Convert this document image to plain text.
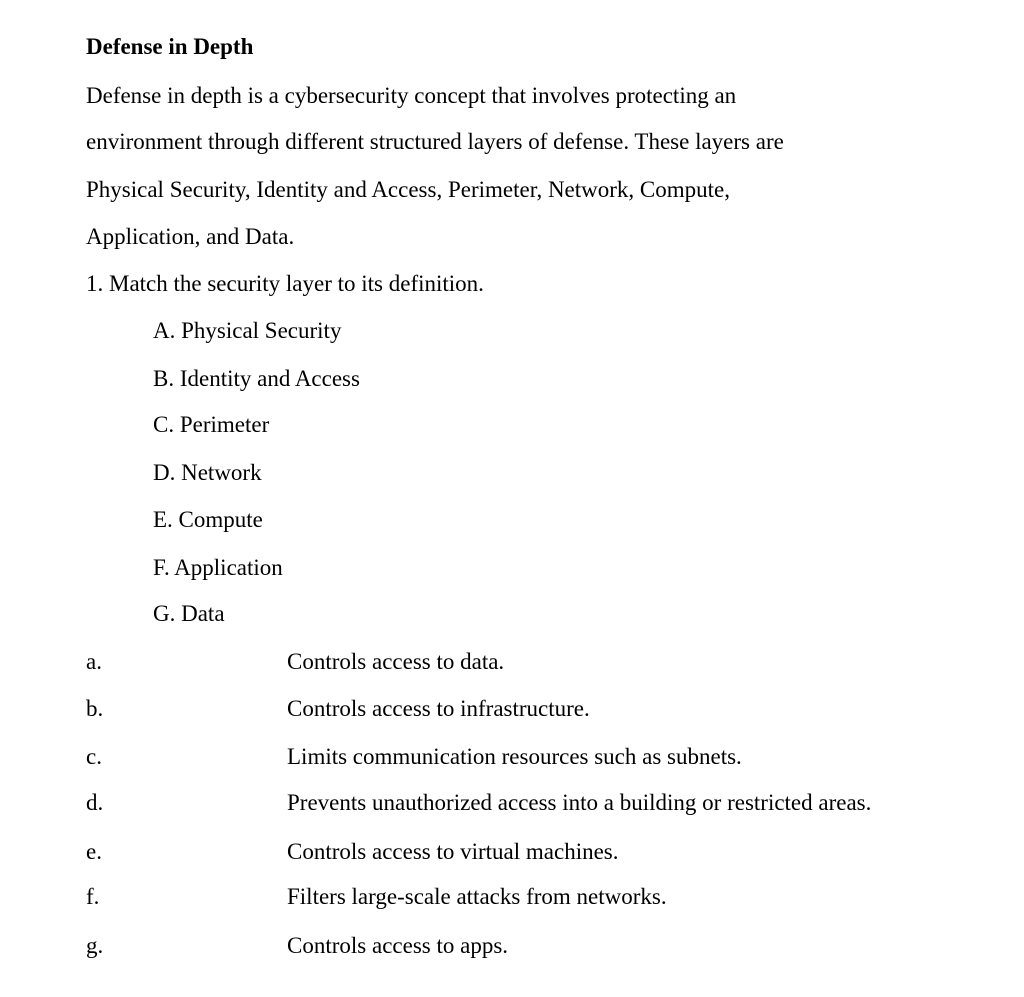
Defense in Depth
Defense in depth is a cybersecurity concept that involves protecting an
environment through different structured layers of defense. These layers are
Physical Security, Identity and Access, Perimeter, Network, Compute,
Application, and Data.
1. Match the security layer to its definition.
A. Physical Security
B. Identity and Access
C. Perimeter
D. Network
E. Compute
F. Application
G. Data
a.	Controls access to data.
b.	Controls access to infrastructure.
c.	Limits communication resources such as subnets.
d.	Prevents unauthorized access into a building or restricted areas.
e.	Controls access to virtual machines.
f.	Filters large-scale attacks from networks.
g.	Controls access to apps.
